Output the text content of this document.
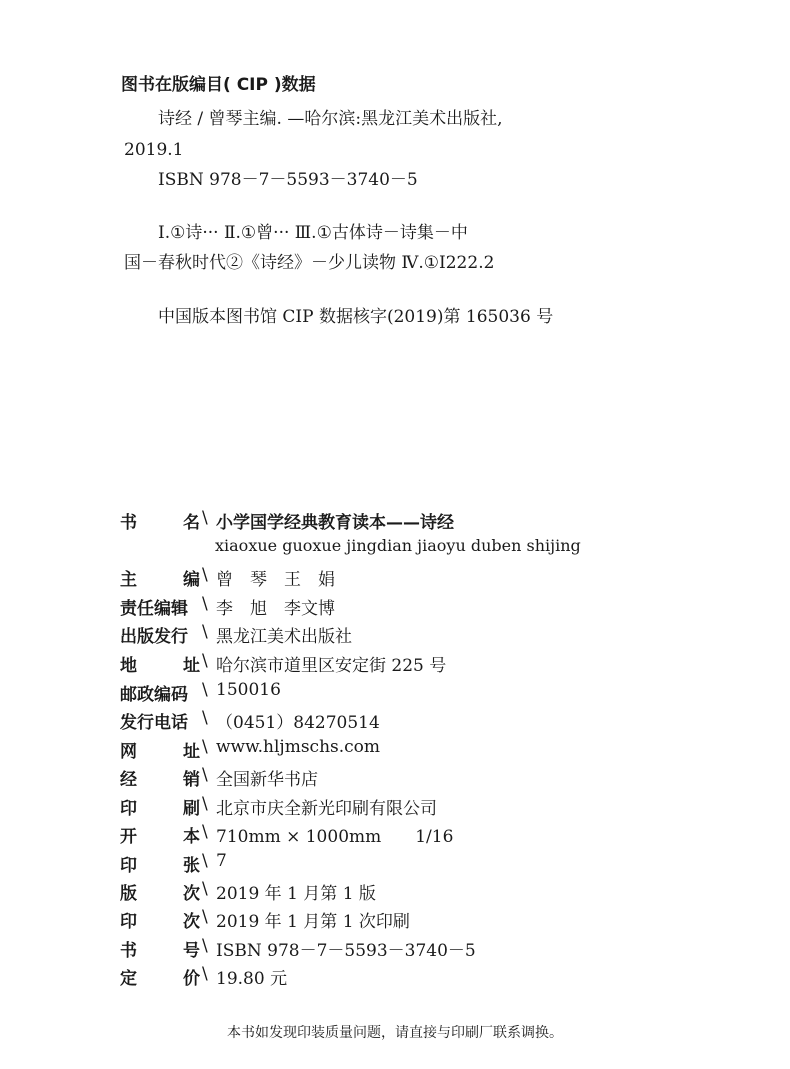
图书在版编目( CIP )数据
诗经 / 曾琴主编. —哈尔滨:黑龙江美术出版社,
2019.1
ISBN 978－7－5593－3740－5
Ⅰ.①诗··· Ⅱ.①曾··· Ⅲ.①古体诗－诗集－中
国－春秋时代②《诗经》－少儿读物 Ⅳ.①I222.2
中国版本图书馆 CIP 数据核字(2019)第 165036 号
书	名 \ 小学国学经典教育读本——诗经
xiaoxue guoxue jingdian jiaoyu duben shijing
主	编 \ 曾　琴　王　娟
责任编辑 \ 李　旭　李文博
出版发行 \ 黑龙江美术出版社
地	址 \ 哈尔滨市道里区安定街 225 号
邮政编码 \ 150016
发行电话 \ （0451）84270514
网	址 \ www.hljmschs.com
经	销 \ 全国新华书店
印	刷 \ 北京市庆全新光印刷有限公司
开	本 \ 710mm × 1000mm　　1/16
印	张 \ 7
版	次 \ 2019 年 1 月第 1 版
印	次 \ 2019 年 1 月第 1 次印刷
书	号 \ ISBN 978－7－5593－3740－5
定	价 \ 19.80 元
本书如发现印装质量问题，请直接与印刷厂联系调换。
